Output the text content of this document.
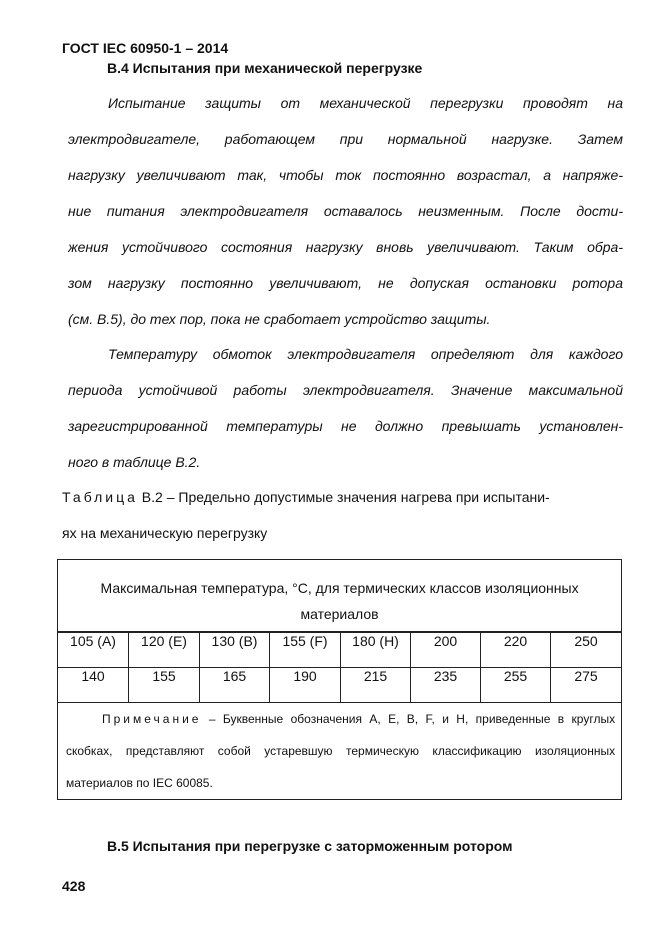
ГОСТ IEC 60950-1 – 2014
В.4 Испытания при механической перегрузке
Испытание защиты от механической перегрузки проводят на
электродвигателе, работающем при нормальной нагрузке. Затем
нагрузку увеличивают так, чтобы ток постоянно возрастал, а напряже-
ние питания электродвигателя оставалось неизменным. После дости-
жения устойчивого состояния нагрузку вновь увеличивают. Таким обра-
зом нагрузку постоянно увеличивают, не допуская остановки ротора
(см. В.5), до тех пор, пока не сработает устройство защиты.
Температуру обмоток электродвигателя определяют для каждого
периода устойчивой работы электродвигателя. Значение максимальной
зарегистрированной температуры не должно превышать установлен-
ного в таблице В.2.
Таблица В.2 – Предельно допустимые значения нагрева при испытани-
ях на механическую перегрузку
Максимальная температура, °С, для термических классов изоляционных							
материалов							
105 (A)	120 (E)	130 (B)	155 (F)	180 (H)	200	220	250
140	155	165	190	215	235	255	275
Примечание – Буквенные обозначения А, Е, В, F, и Н, приведенные в круглых скобках, представляют собой устаревшую термическую классификацию изоляционных материалов по IEC 60085.							
В.5 Испытания при перегрузке с заторможенным ротором
428
